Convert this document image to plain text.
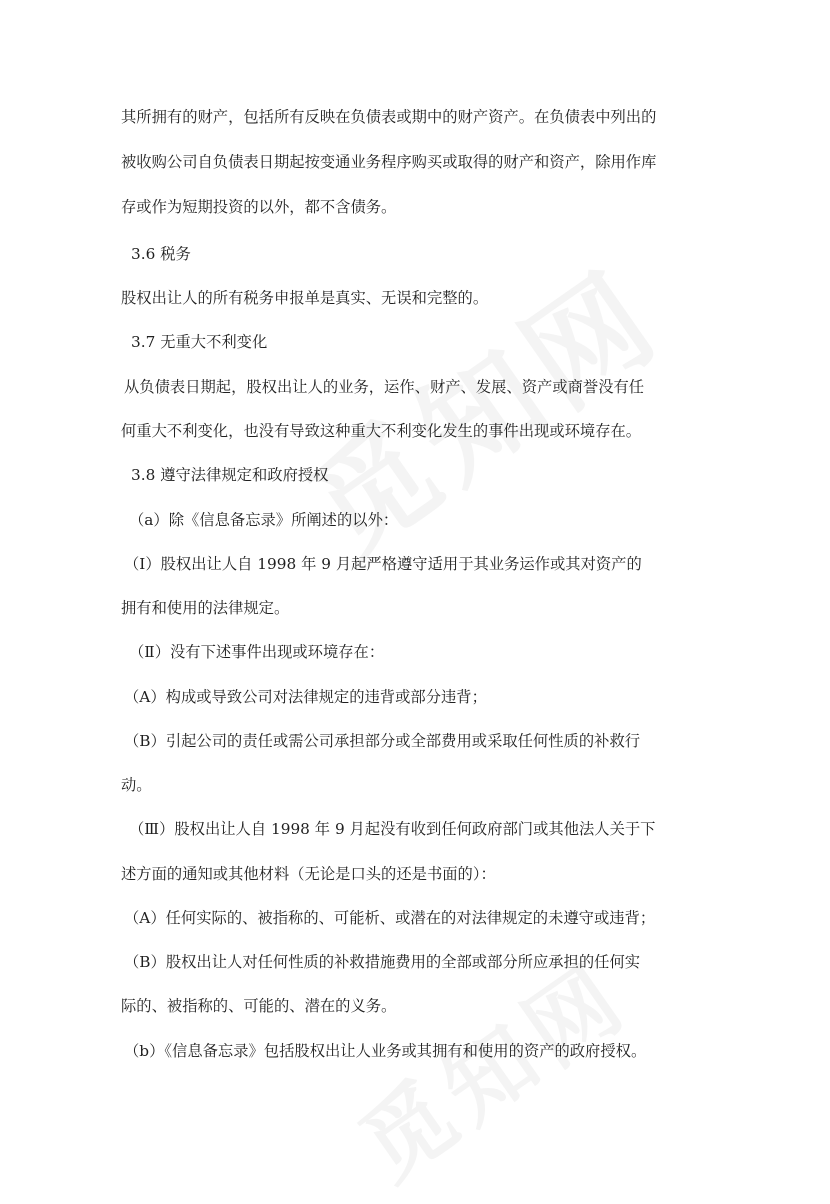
其所拥有的财产，包括所有反映在负债表或期中的财产资产。在负债表中列出的

被收购公司自负债表日期起按变通业务程序购买或取得的财产和资产，除用作库

存或作为短期投资的以外，都不含债务。

3.6 税务

股权出让人的所有税务申报单是真实、无误和完整的。

3.7 无重大不利变化

从负债表日期起，股权出让人的业务，运作、财产、发展、资产或商誉没有任

何重大不利变化，也没有导致这种重大不利变化发生的事件出现或环境存在。

3.8 遵守法律规定和政府授权

（a）除《信息备忘录》所阐述的以外：

（Ⅰ）股权出让人自 1998 年 9 月起严格遵守适用于其业务运作或其对资产的

拥有和使用的法律规定。

（Ⅱ）没有下述事件出现或环境存在：

（A）构成或导致公司对法律规定的违背或部分违背；

（B）引起公司的责任或需公司承担部分或全部费用或采取任何性质的补救行

动。

（Ⅲ）股权出让人自 1998 年 9 月起没有收到任何政府部门或其他法人关于下

述方面的通知或其他材料（无论是口头的还是书面的）：

（A）任何实际的、被指称的、可能析、或潜在的对法律规定的未遵守或违背；

（B）股权出让人对任何性质的补救措施费用的全部或部分所应承担的任何实

际的、被指称的、可能的、潜在的义务。

（b）《信息备忘录》包括股权出让人业务或其拥有和使用的资产的政府授权。
